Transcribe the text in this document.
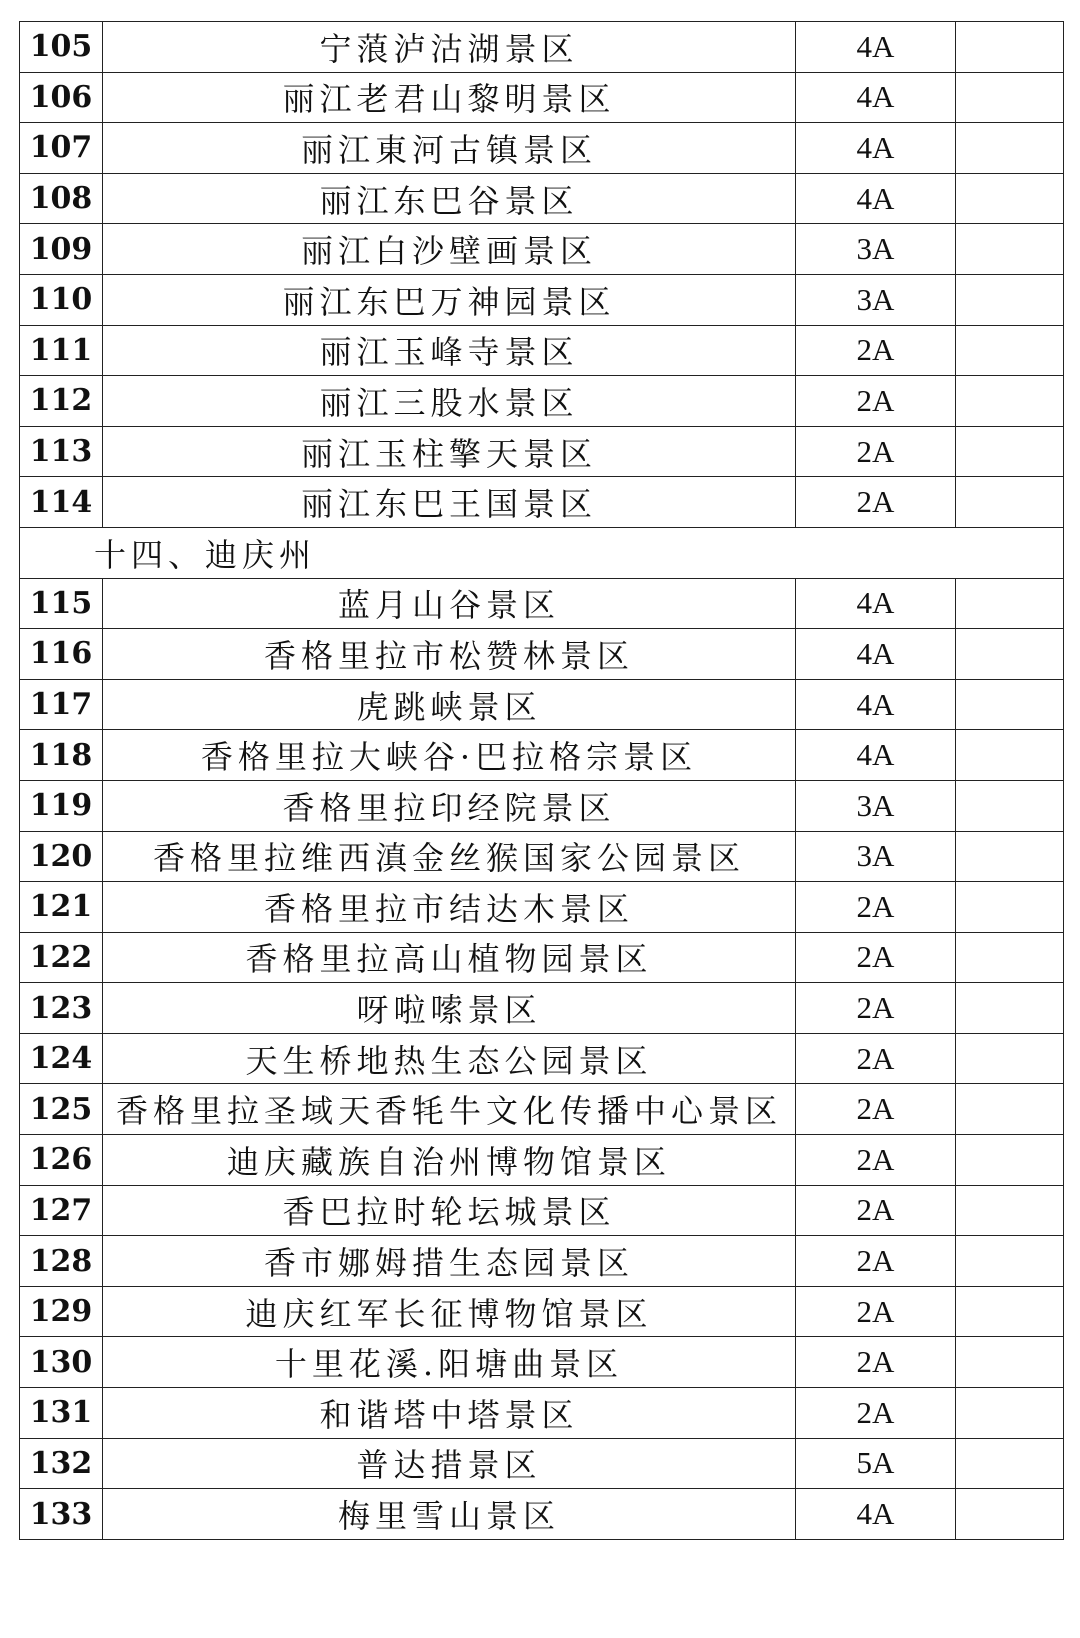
105	宁蒗泸沽湖景区	4A	
106	丽江老君山黎明景区	4A	
107	丽江東河古镇景区	4A	
108	丽江东巴谷景区	4A	
109	丽江白沙壁画景区	3A	
110	丽江东巴万神园景区	3A	
111	丽江玉峰寺景区	2A	
112	丽江三股水景区	2A	
113	丽江玉柱擎天景区	2A	
114	丽江东巴王国景区	2A	
十四、迪庆州			
115	蓝月山谷景区	4A	
116	香格里拉市松赞林景区	4A	
117	虎跳峡景区	4A	
118	香格里拉大峡谷·巴拉格宗景区	4A	
119	香格里拉印经院景区	3A	
120	香格里拉维西滇金丝猴国家公园景区	3A	
121	香格里拉市结达木景区	2A	
122	香格里拉高山植物园景区	2A	
123	呀啦嗦景区	2A	
124	天生桥地热生态公园景区	2A	
125	香格里拉圣域天香牦牛文化传播中心景区	2A	
126	迪庆藏族自治州博物馆景区	2A	
127	香巴拉时轮坛城景区	2A	
128	香市娜姆措生态园景区	2A	
129	迪庆红军长征博物馆景区	2A	
130	十里花溪.阳塘曲景区	2A	
131	和谐塔中塔景区	2A	
132	普达措景区	5A	
133	梅里雪山景区	4A	
